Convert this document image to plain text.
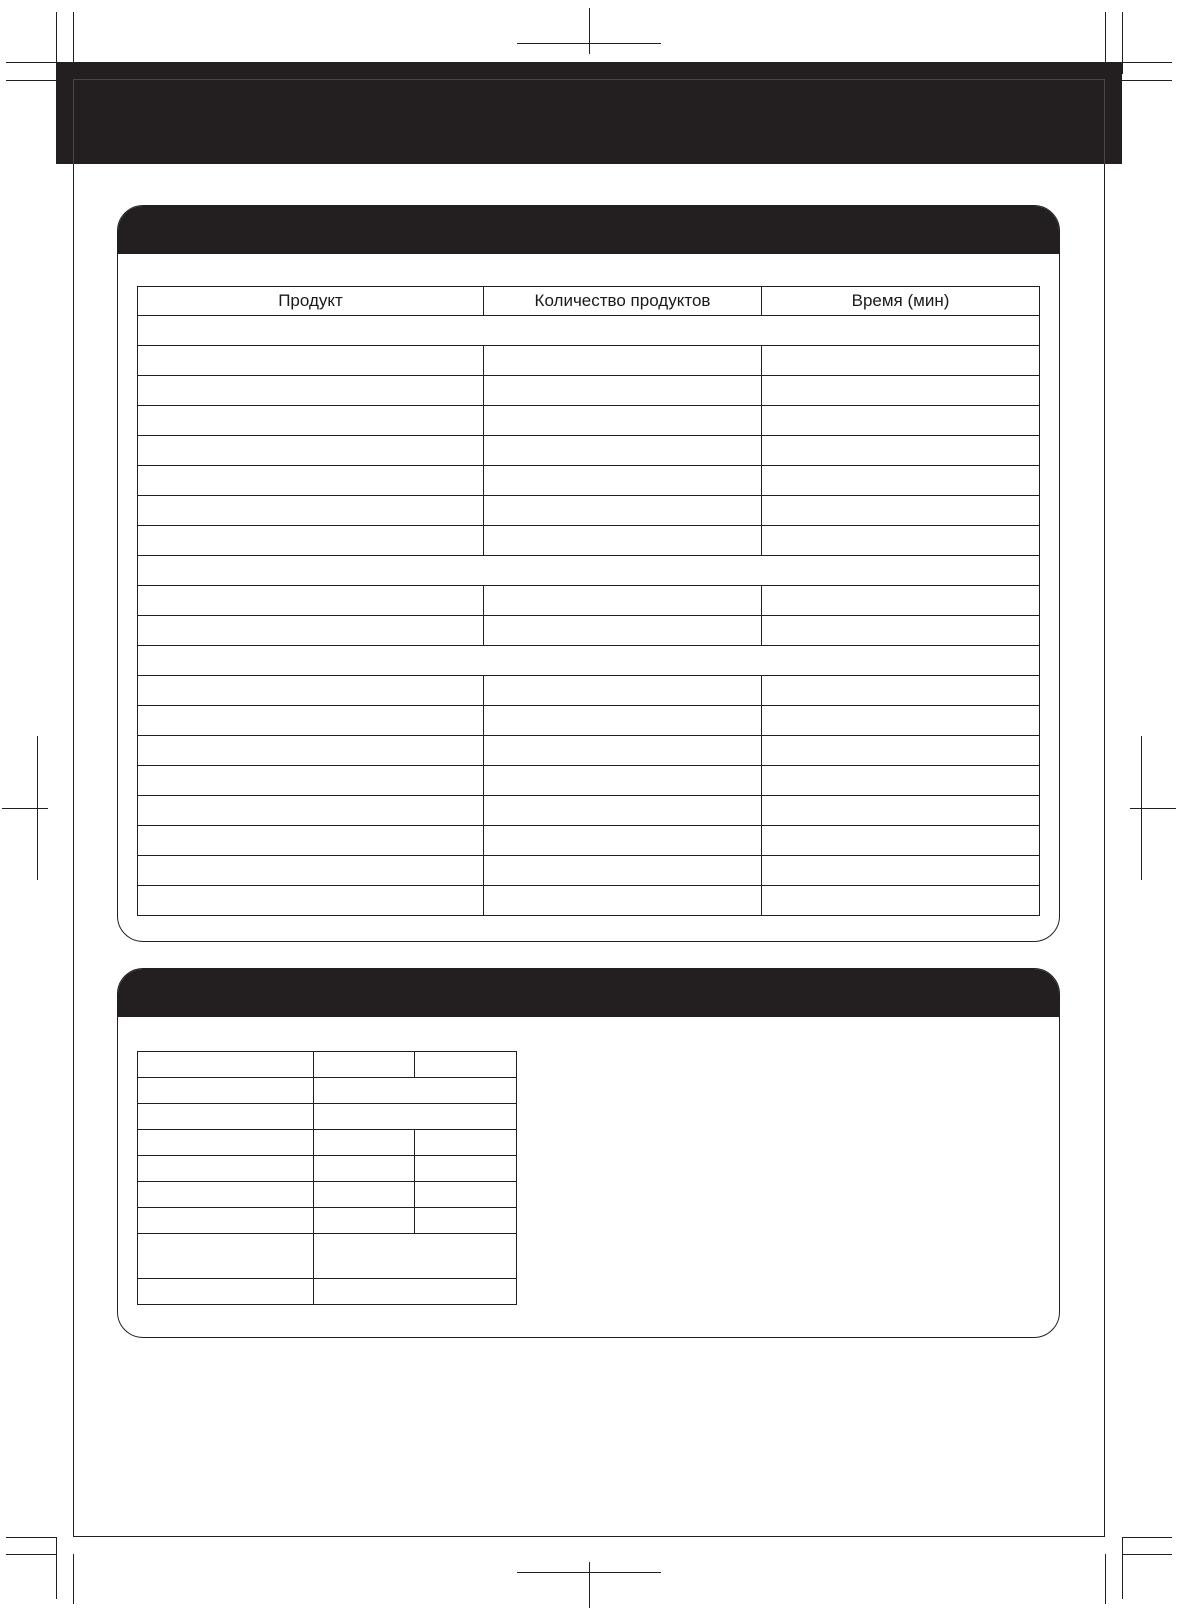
Продукт	Количество продуктов	Время (мин)
